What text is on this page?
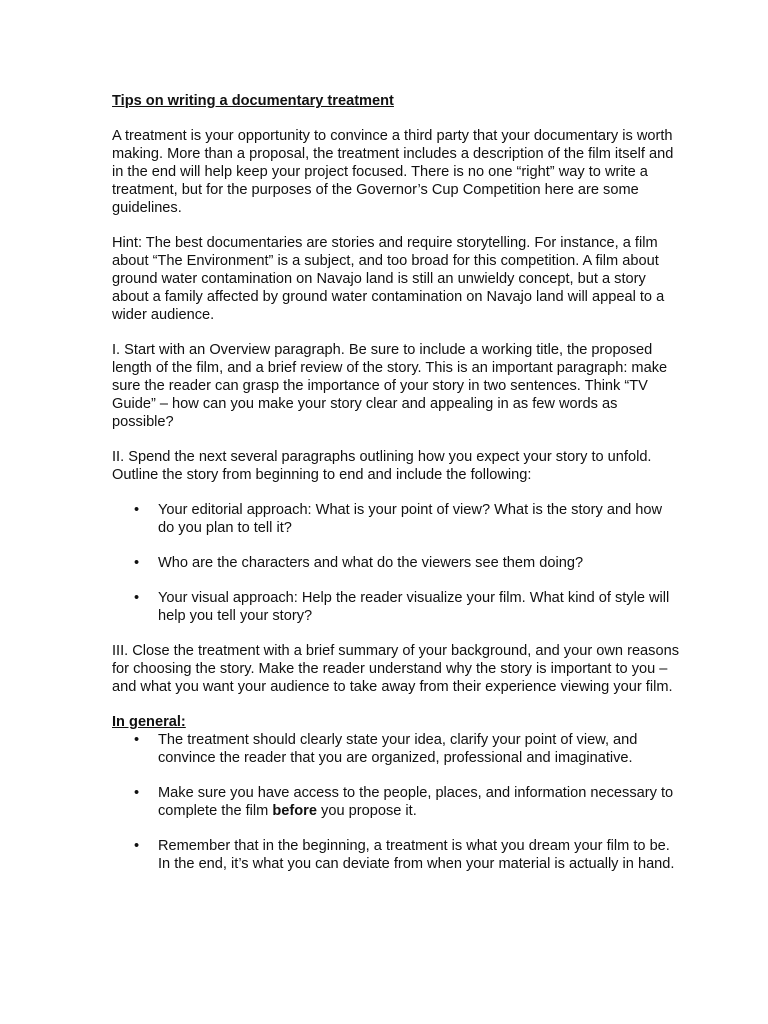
Tips on writing a documentary treatment

A treatment is your opportunity to convince a third party that your documentary is worth making. More than a proposal, the treatment includes a description of the film itself and in the end will help keep your project focused. There is no one “right” way to write a treatment, but for the purposes of the Governor’s Cup Competition here are some guidelines.

Hint: The best documentaries are stories and require storytelling. For instance, a film about “The Environment” is a subject, and too broad for this competition. A film about ground water contamination on Navajo land is still an unwieldy concept, but a story about a family affected by ground water contamination on Navajo land will appeal to a wider audience.

I. Start with an Overview paragraph. Be sure to include a working title, the proposed length of the film, and a brief review of the story. This is an important paragraph: make sure the reader can grasp the importance of your story in two sentences. Think “TV Guide” – how can you make your story clear and appealing in as few words as possible?

II. Spend the next several paragraphs outlining how you expect your story to unfold. Outline the story from beginning to end and include the following:

• Your editorial approach: What is your point of view? What is the story and how do you plan to tell it?
• Who are the characters and what do the viewers see them doing?
• Your visual approach: Help the reader visualize your film. What kind of style will help you tell your story?

III. Close the treatment with a brief summary of your background, and your own reasons for choosing the story. Make the reader understand why the story is important to you – and what you want your audience to take away from their experience viewing your film.

In general:

• The treatment should clearly state your idea, clarify your point of view, and convince the reader that you are organized, professional and imaginative.
• Make sure you have access to the people, places, and information necessary to complete the film before you propose it.
• Remember that in the beginning, a treatment is what you dream your film to be. In the end, it’s what you can deviate from when your material is actually in hand.
